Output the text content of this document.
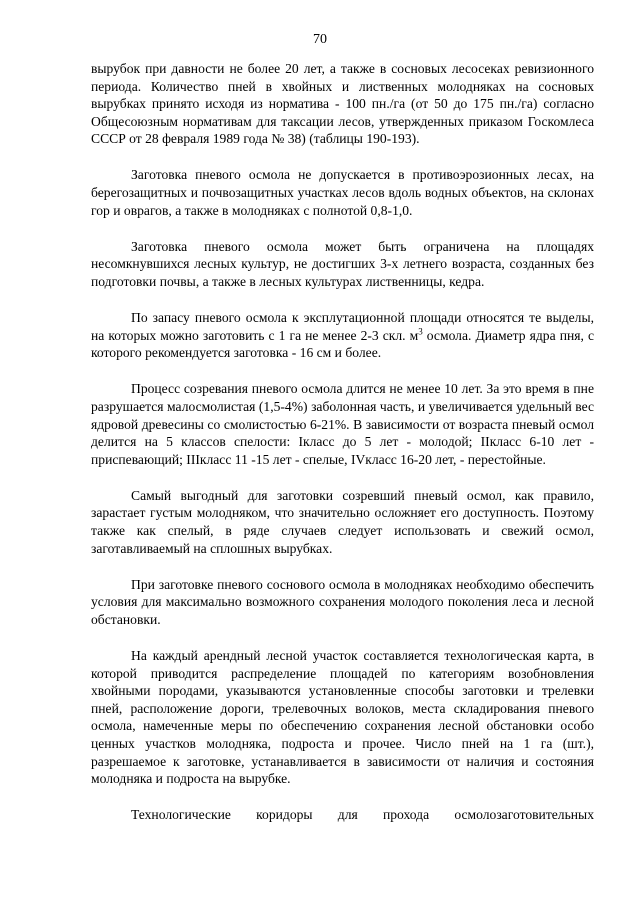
70

вырубок при давности не более 20 лет, а также в сосновых лесосеках ревизионного периода. Количество пней в хвойных и лиственных молодняках на сосновых вырубках принято исходя из норматива - 100 пн./га (от 50 до 175 пн./га) согласно Общесоюзным нормативам для таксации лесов, утвержденных приказом Госкомлеса СССР от 28 февраля 1989 года № 38) (таблицы 190-193).

Заготовка пневого осмола не допускается в противоэрозионных лесах, на берегозащитных и почвозащитных участках лесов вдоль водных объектов, на склонах гор и оврагов, а также в молодняках с полнотой 0,8-1,0.

Заготовка пневого осмола может быть ограничена на площадях несомкнувшихся лесных культур, не достигших 3-х летнего возраста, созданных без подготовки почвы, а также в лесных культурах лиственницы, кедра.

По запасу пневого осмола к эксплутационной площади относятся те выделы, на которых можно заготовить с 1 га не менее 2-3 скл. $м^3$ осмола. Диаметр ядра пня, с которого рекомендуется заготовка - 16 см и более.

Процесс созревания пневого осмола длится не менее 10 лет. За это время в пне разрушается малосмолистая (1,5-4%) заболонная часть, и увеличивается удельный вес ядровой древесины со смолистостью 6-21%. В зависимости от возраста пневый осмол делится на 5 классов спелости: Iкласс до 5 лет - молодой; IIкласс 6-10 лет - приспевающий; IIIкласс 11 -15 лет - спелые, IVкласс 16-20 лет, - перестойные.

Самый выгодный для заготовки созревший пневый осмол, как правило, зарастает густым молодняком, что значительно осложняет его доступность. Поэтому также как спелый, в ряде случаев следует использовать и свежий осмол, заготавливаемый на сплошных вырубках.

При заготовке пневого соснового осмола в молодняках необходимо обеспечить условия для максимально возможного сохранения молодого поколения леса и лесной обстановки.

На каждый арендный лесной участок составляется технологическая карта, в которой приводится распределение площадей по категориям возобновления хвойными породами, указываются установленные способы заготовки и трелевки пней, расположение дороги, трелевочных волоков, места складирования пневого осмола, намеченные меры по обеспечению сохранения лесной обстановки особо ценных участков молодняка, подроста и прочее. Число пней на 1 га (шт.), разрешаемое к заготовке, устанавливается в зависимости от наличия и состояния молодняка и подроста на вырубке.

Технологические коридоры для прохода осмолозаготовительных
